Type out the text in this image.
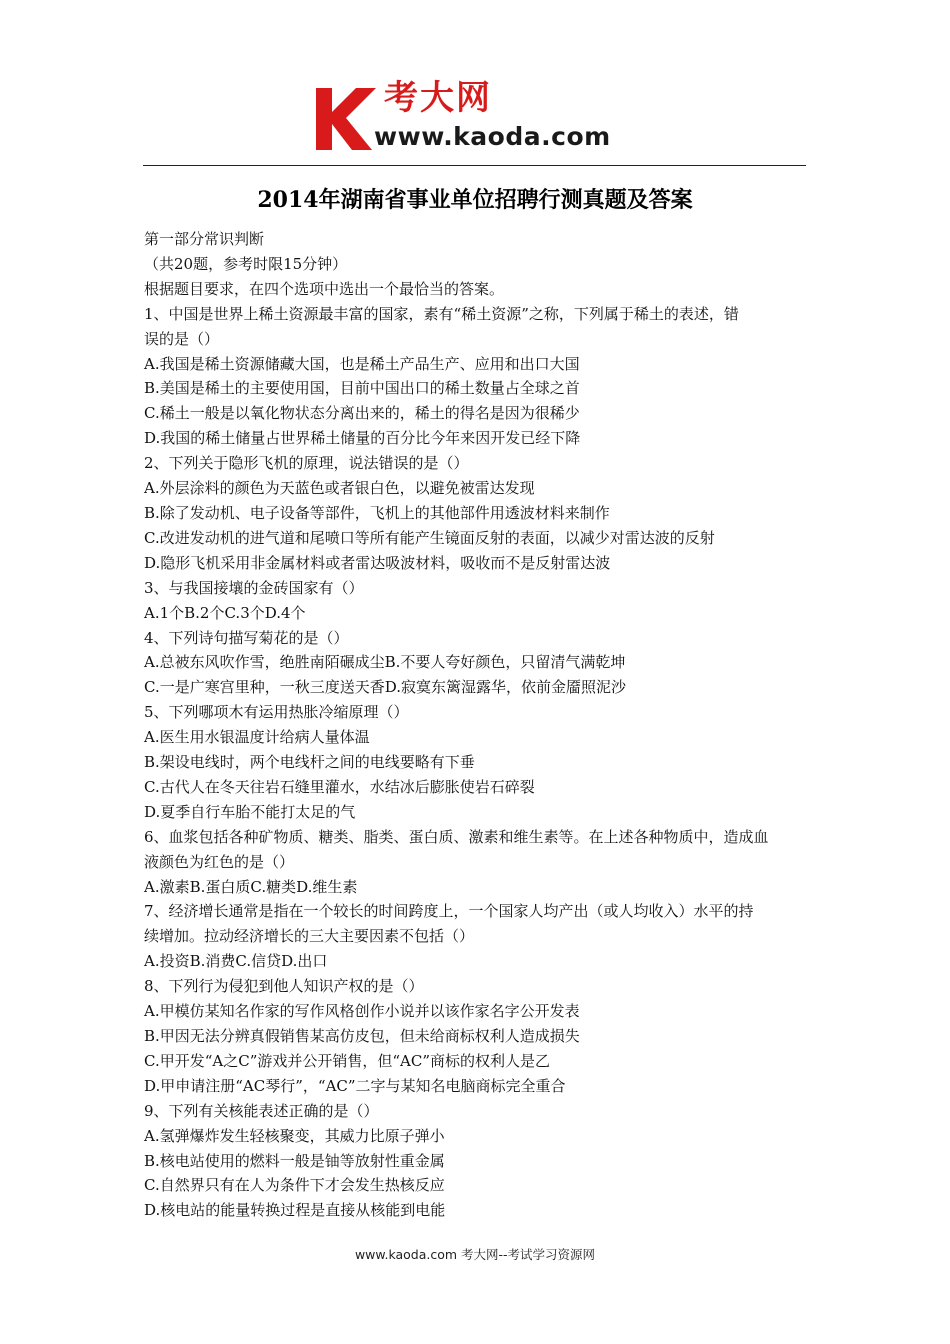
考大网
www.kaoda.com
2014年湖南省事业单位招聘行测真题及答案
第一部分常识判断
（共20题，参考时限15分钟）
根据题目要求，在四个选项中选出一个最恰当的答案。
1、中国是世界上稀土资源最丰富的国家，素有“稀土资源”之称，下列属于稀土的表述，错
误的是（）
A.我国是稀土资源储藏大国，也是稀土产品生产、应用和出口大国
B.美国是稀土的主要使用国，目前中国出口的稀土数量占全球之首
C.稀土一般是以氧化物状态分离出来的，稀土的得名是因为很稀少
D.我国的稀土储量占世界稀土储量的百分比今年来因开发已经下降
2、下列关于隐形飞机的原理，说法错误的是（）
A.外层涂料的颜色为天蓝色或者银白色，以避免被雷达发现
B.除了发动机、电子设备等部件，飞机上的其他部件用透波材料来制作
C.改进发动机的进气道和尾喷口等所有能产生镜面反射的表面，以减少对雷达波的反射
D.隐形飞机采用非金属材料或者雷达吸波材料，吸收而不是反射雷达波
3、与我国接壤的金砖国家有（）
A.1个B.2个C.3个D.4个
4、下列诗句描写菊花的是（）
A.总被东风吹作雪，绝胜南陌碾成尘B.不要人夸好颜色，只留清气满乾坤
C.一是广寒宫里种，一秋三度送天香D.寂寞东篱湿露华，依前金靥照泥沙
5、下列哪项木有运用热胀冷缩原理（）
A.医生用水银温度计给病人量体温
B.架设电线时，两个电线杆之间的电线要略有下垂
C.古代人在冬天往岩石缝里灌水，水结冰后膨胀使岩石碎裂
D.夏季自行车胎不能打太足的气
6、血浆包括各种矿物质、糖类、脂类、蛋白质、激素和维生素等。在上述各种物质中，造成血
液颜色为红色的是（）
A.激素B.蛋白质C.糖类D.维生素
7、经济增长通常是指在一个较长的时间跨度上，一个国家人均产出（或人均收入）水平的持
续增加。拉动经济增长的三大主要因素不包括（）
A.投资B.消费C.信贷D.出口
8、下列行为侵犯到他人知识产权的是（）
A.甲模仿某知名作家的写作风格创作小说并以该作家名字公开发表
B.甲因无法分辨真假销售某高仿皮包，但未给商标权利人造成损失
C.甲开发“A之C”游戏并公开销售，但“AC”商标的权利人是乙
D.甲申请注册“AC琴行”，“AC”二字与某知名电脑商标完全重合
9、下列有关核能表述正确的是（）
A.氢弹爆炸发生轻核聚变，其威力比原子弹小
B.核电站使用的燃料一般是铀等放射性重金属
C.自然界只有在人为条件下才会发生热核反应
D.核电站的能量转换过程是直接从核能到电能
www.kaoda.com 考大网--考试学习资源网
